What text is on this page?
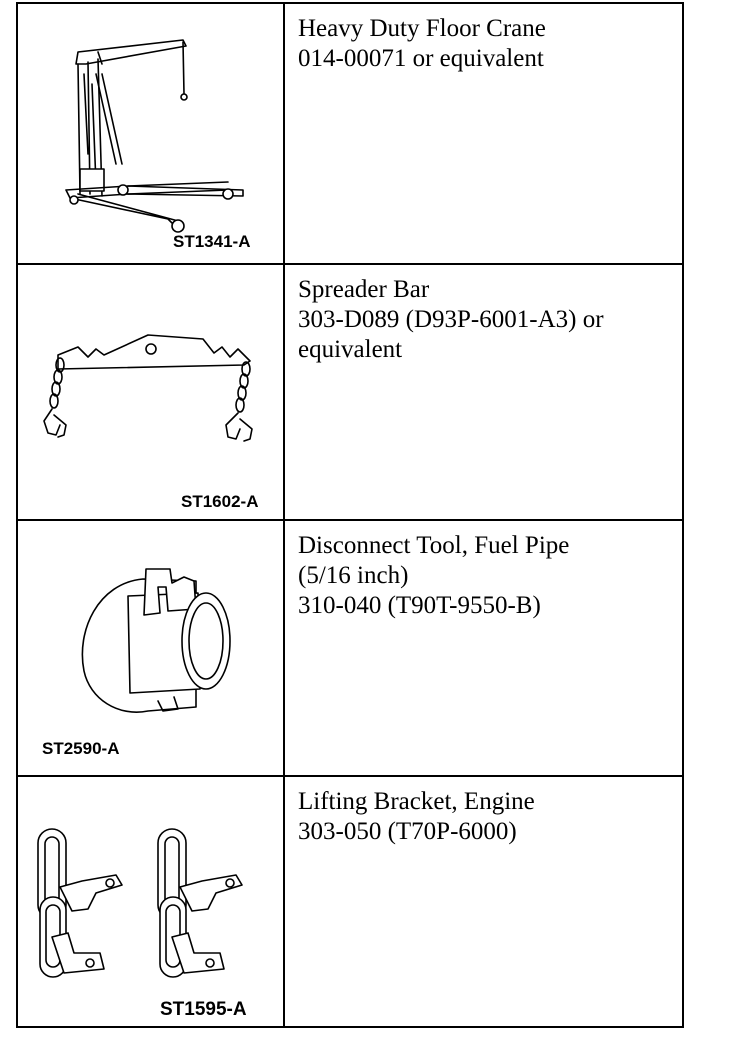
ST1341-A
Heavy Duty Floor Crane
014-00071 or equivalent
ST1602-A
Spreader Bar
303-D089 (D93P-6001-A3) or
equivalent
ST2590-A
Disconnect Tool, Fuel Pipe
(5/16 inch)
310-040 (T90T-9550-B)
ST1595-A
Lifting Bracket, Engine
303-050 (T70P-6000)
